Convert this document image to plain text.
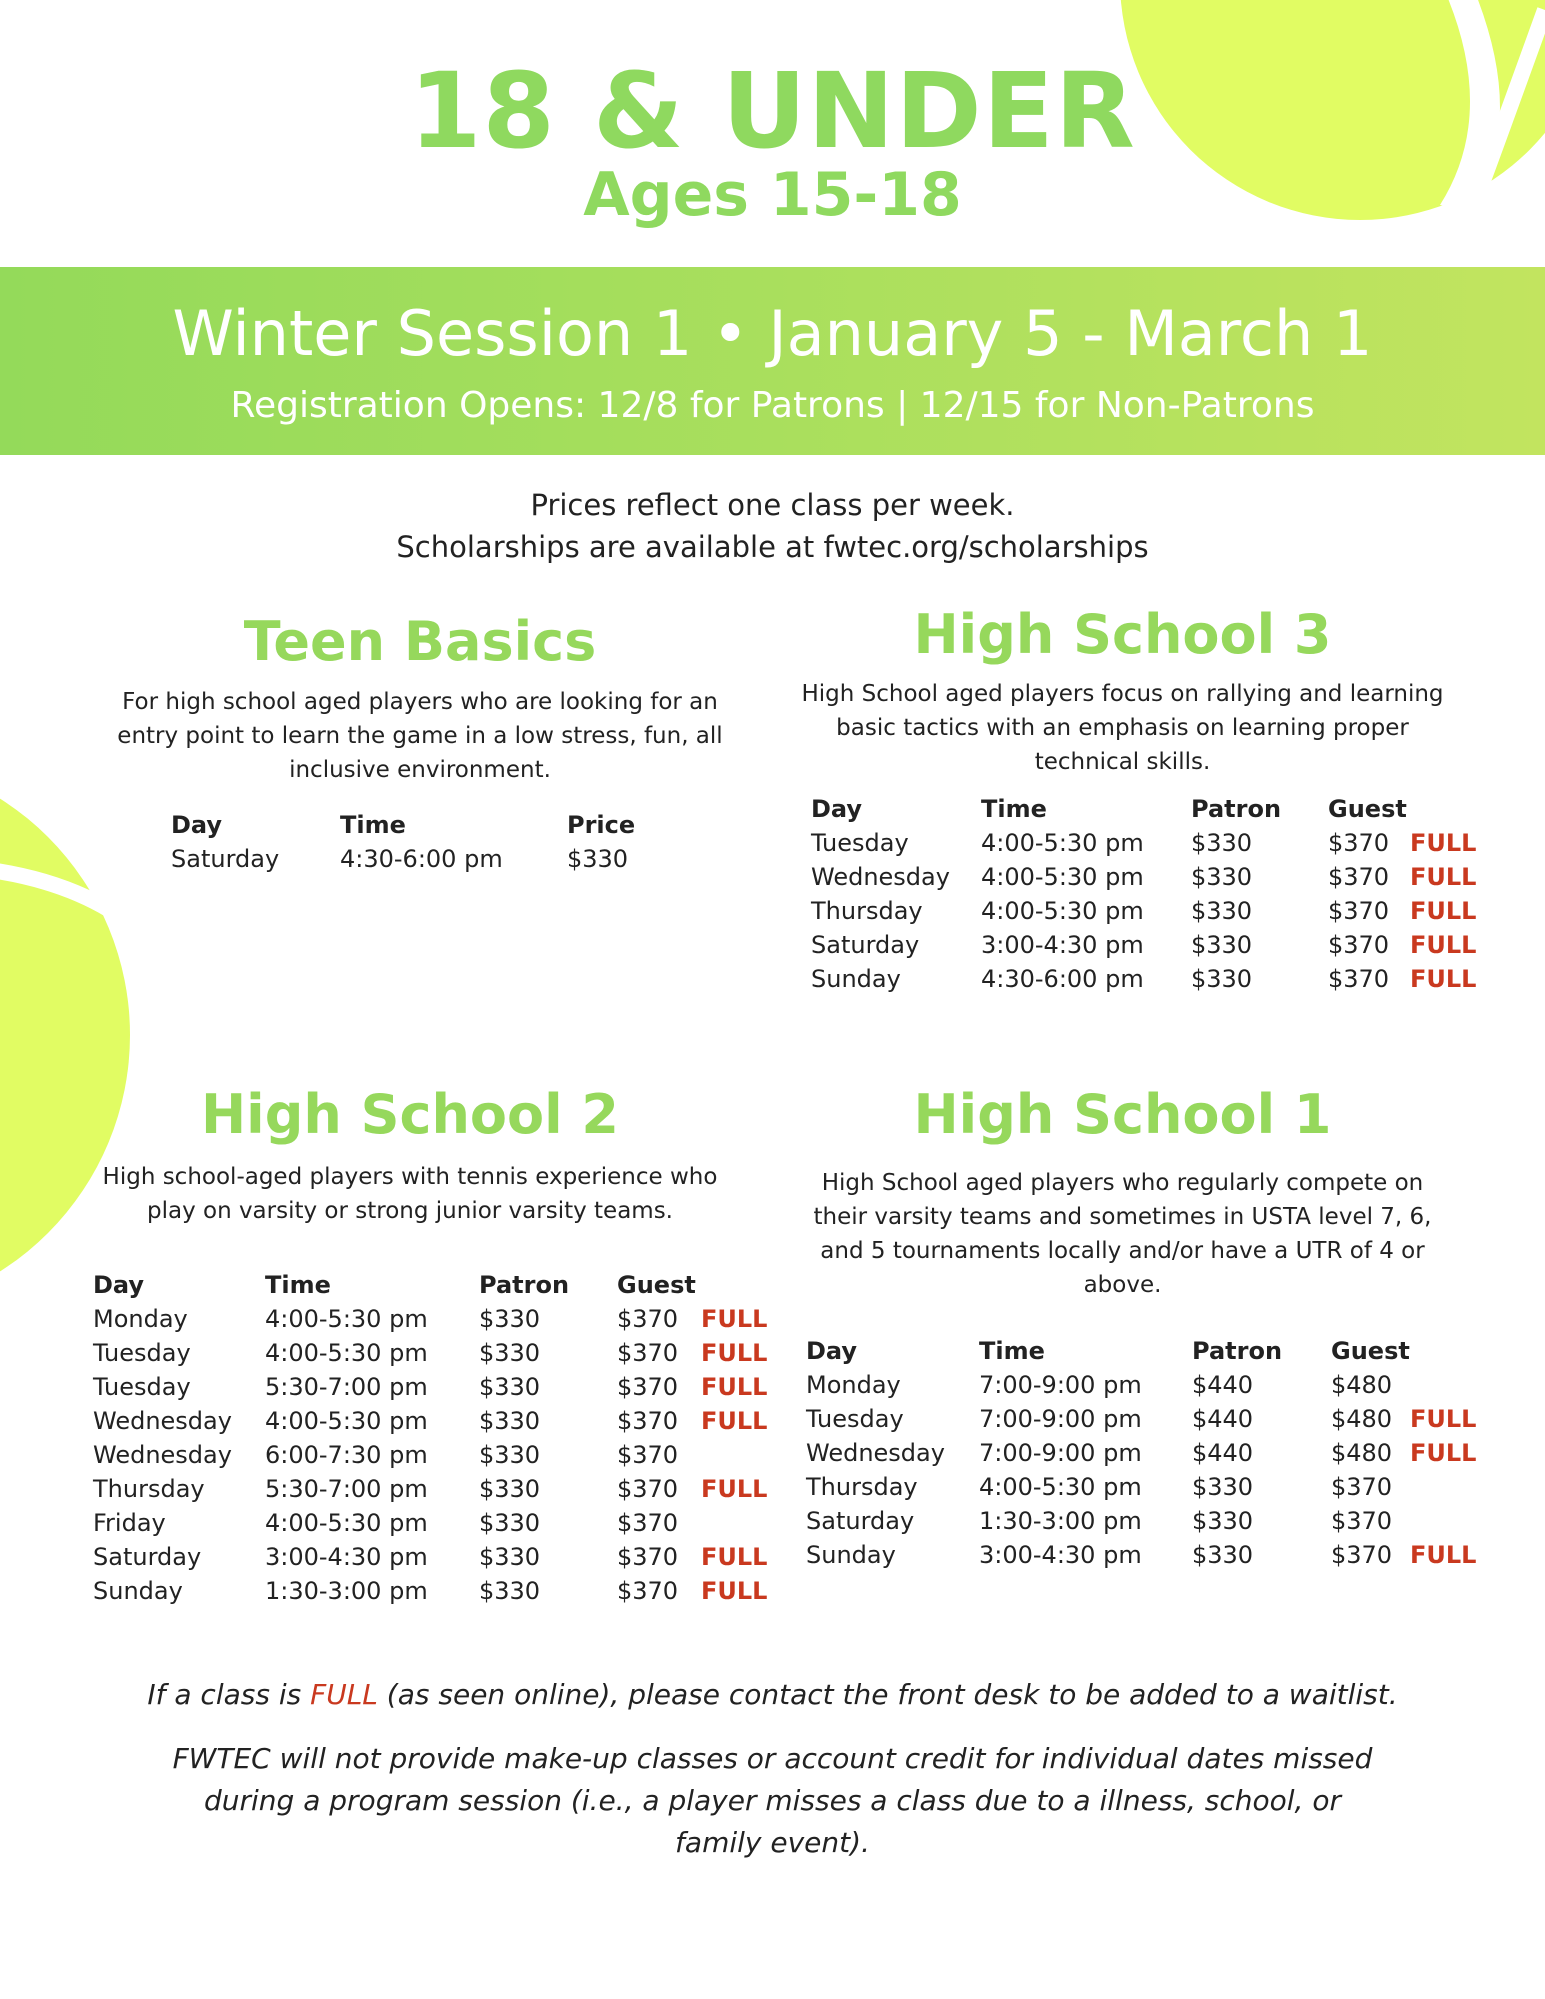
18 & UNDER
Ages 15-18
Winter Session 1 • January 5 - March 1
Registration Opens: 12/8 for Patrons | 12/15 for Non-Patrons
Prices reflect one class per week.
Scholarships are available at fwtec.org/scholarships
Teen Basics
For high school aged players who are looking for an entry point to learn the game in a low stress, fun, all inclusive environment.
Day	Time	Price
Saturday	4:30-6:00 pm	$330
High School 3
High School aged players focus on rallying and learning basic tactics with an emphasis on learning proper technical skills.
Day	Time	Patron	Guest	
Tuesday	4:00-5:30 pm	$330	$370	FULL
Wednesday	4:00-5:30 pm	$330	$370	FULL
Thursday	4:00-5:30 pm	$330	$370	FULL
Saturday	3:00-4:30 pm	$330	$370	FULL
Sunday	4:30-6:00 pm	$330	$370	FULL
High School 2
High school-aged players with tennis experience who play on varsity or strong junior varsity teams.
Day	Time	Patron	Guest	
Monday	4:00-5:30 pm	$330	$370	FULL
Tuesday	4:00-5:30 pm	$330	$370	FULL
Tuesday	5:30-7:00 pm	$330	$370	FULL
Wednesday	4:00-5:30 pm	$330	$370	FULL
Wednesday	6:00-7:30 pm	$330	$370	
Thursday	5:30-7:00 pm	$330	$370	FULL
Friday	4:00-5:30 pm	$330	$370	
Saturday	3:00-4:30 pm	$330	$370	FULL
Sunday	1:30-3:00 pm	$330	$370	FULL
High School 1
High School aged players who regularly compete on their varsity teams and sometimes in USTA level 7, 6, and 5 tournaments locally and/or have a UTR of 4 or above.
Day	Time	Patron	Guest	
Monday	7:00-9:00 pm	$440	$480	
Tuesday	7:00-9:00 pm	$440	$480	FULL
Wednesday	7:00-9:00 pm	$440	$480	FULL
Thursday	4:00-5:30 pm	$330	$370	
Saturday	1:30-3:00 pm	$330	$370	
Sunday	3:00-4:30 pm	$330	$370	FULL
If a class is FULL (as seen online), please contact the front desk to be added to a waitlist.
FWTEC will not provide make-up classes or account credit for individual dates missed during a program session (i.e., a player misses a class due to a illness, school, or family event).
